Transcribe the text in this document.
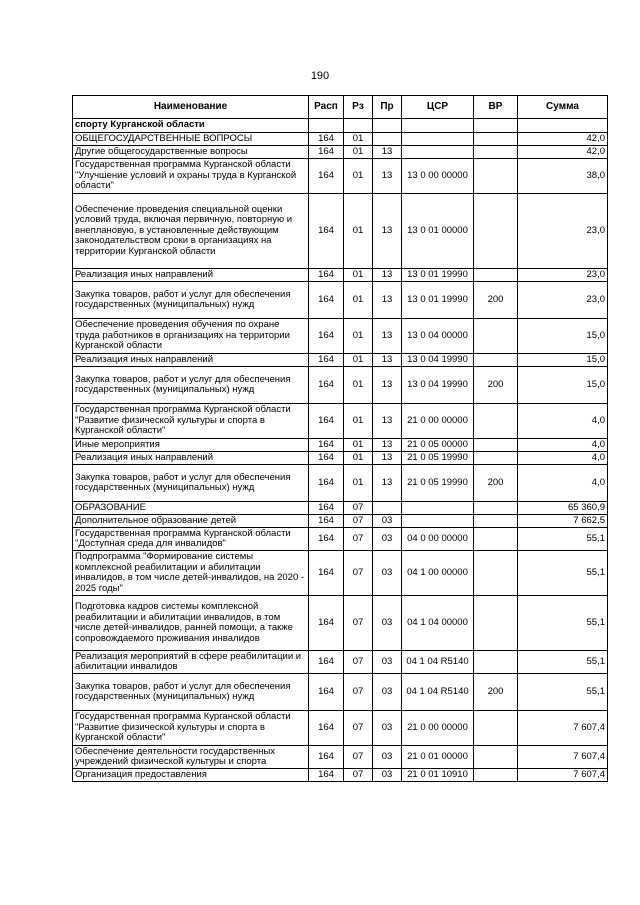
190
Наименование	Расп	Рз	Пр	ЦСР	ВР	Сумма
спорту Курганской области						
ОБЩЕГОСУДАРСТВЕННЫЕ ВОПРОСЫ	164	01				42,0
Другие общегосударственные вопросы	164	01	13			42,0
Государственная программа Курганской области "Улучшение условий и охраны труда в Курганской области"	164	01	13	13 0 00 00000		38,0
Обеспечение проведения специальной оценки условий труда, включая первичную, повторную и внеплановую, в установленные действующим законодательством сроки в организациях на территории Курганской области	164	01	13	13 0 01 00000		23,0
Реализация иных направлений	164	01	13	13 0 01 19990		23,0
Закупка товаров, работ и услуг для обеспечения государственных (муниципальных) нужд	164	01	13	13 0 01 19990	200	23,0
Обеспечение проведения обучения по охране труда работников в организациях на территории Курганской области	164	01	13	13 0 04 00000		15,0
Реализация иных направлений	164	01	13	13 0 04 19990		15,0
Закупка товаров, работ и услуг для обеспечения государственных (муниципальных) нужд	164	01	13	13 0 04 19990	200	15,0
Государственная программа Курганской области "Развитие физической культуры и спорта в Курганской области"	164	01	13	21 0 00 00000		4,0
Иные мероприятия	164	01	13	21 0 05 00000		4,0
Реализация иных направлений	164	01	13	21 0 05 19990		4,0
Закупка товаров, работ и услуг для обеспечения государственных (муниципальных) нужд	164	01	13	21 0 05 19990	200	4,0
ОБРАЗОВАНИЕ	164	07				65 360,9
Дополнительное образование детей	164	07	03			7 662,5
Государственная программа Курганской области "Доступная среда для инвалидов"	164	07	03	04 0 00 00000		55,1
Подпрограмма "Формирование системы комплексной реабилитации и абилитации инвалидов, в том числе детей-инвалидов, на 2020 - 2025 годы"	164	07	03	04 1 00 00000		55,1
Подготовка кадров системы комплексной реабилитации и абилитации инвалидов, в том числе детей-инвалидов, ранней помощи, а также сопровождаемого проживания инвалидов	164	07	03	04 1 04 00000		55,1
Реализация мероприятий в сфере реабилитации и абилитации инвалидов	164	07	03	04 1 04 R5140		55,1
Закупка товаров, работ и услуг для обеспечения государственных (муниципальных) нужд	164	07	03	04 1 04 R5140	200	55,1
Государственная программа Курганской области "Развитие физической культуры и спорта в Курганской области"	164	07	03	21 0 00 00000		7 607,4
Обеспечение деятельности государственных учреждений физической культуры и спорта	164	07	03	21 0 01 00000		7 607,4
Организация предоставления	164	07	03	21 0 01 10910		7 607,4
